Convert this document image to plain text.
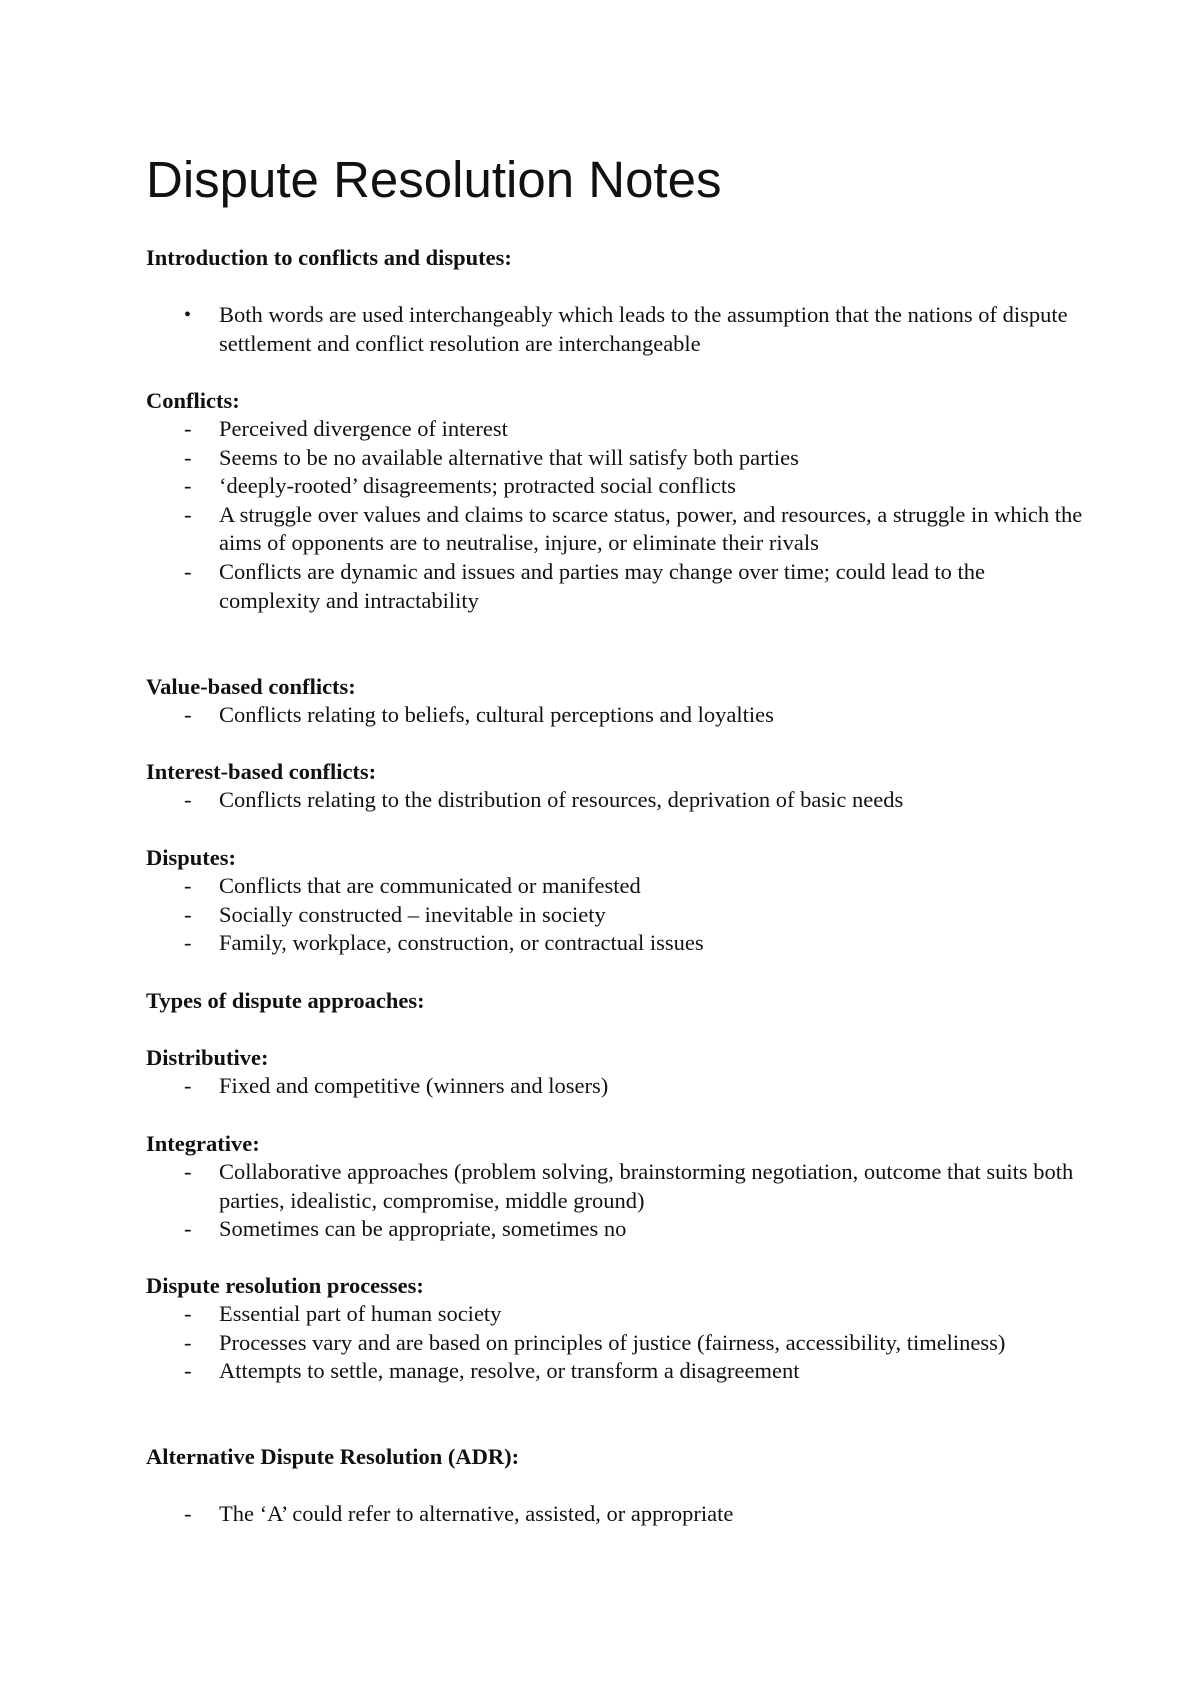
Dispute Resolution Notes

Introduction to conflicts and disputes:

• Both words are used interchangeably which leads to the assumption that the nations of dispute settlement and conflict resolution are interchangeable

Conflicts:

- Perceived divergence of interest
- Seems to be no available alternative that will satisfy both parties
- ‘deeply-rooted’ disagreements; protracted social conflicts
- A struggle over values and claims to scarce status, power, and resources, a struggle in which the aims of opponents are to neutralise, injure, or eliminate their rivals
- Conflicts are dynamic and issues and parties may change over time; could lead to the complexity and intractability

Value-based conflicts:

- Conflicts relating to beliefs, cultural perceptions and loyalties

Interest-based conflicts:

- Conflicts relating to the distribution of resources, deprivation of basic needs

Disputes:

- Conflicts that are communicated or manifested
- Socially constructed – inevitable in society
- Family, workplace, construction, or contractual issues

Types of dispute approaches:

Distributive:

- Fixed and competitive (winners and losers)

Integrative:

- Collaborative approaches (problem solving, brainstorming negotiation, outcome that suits both parties, idealistic, compromise, middle ground)
- Sometimes can be appropriate, sometimes no

Dispute resolution processes:

- Essential part of human society
- Processes vary and are based on principles of justice (fairness, accessibility, timeliness)
- Attempts to settle, manage, resolve, or transform a disagreement

Alternative Dispute Resolution (ADR):

- The ‘A’ could refer to alternative, assisted, or appropriate
